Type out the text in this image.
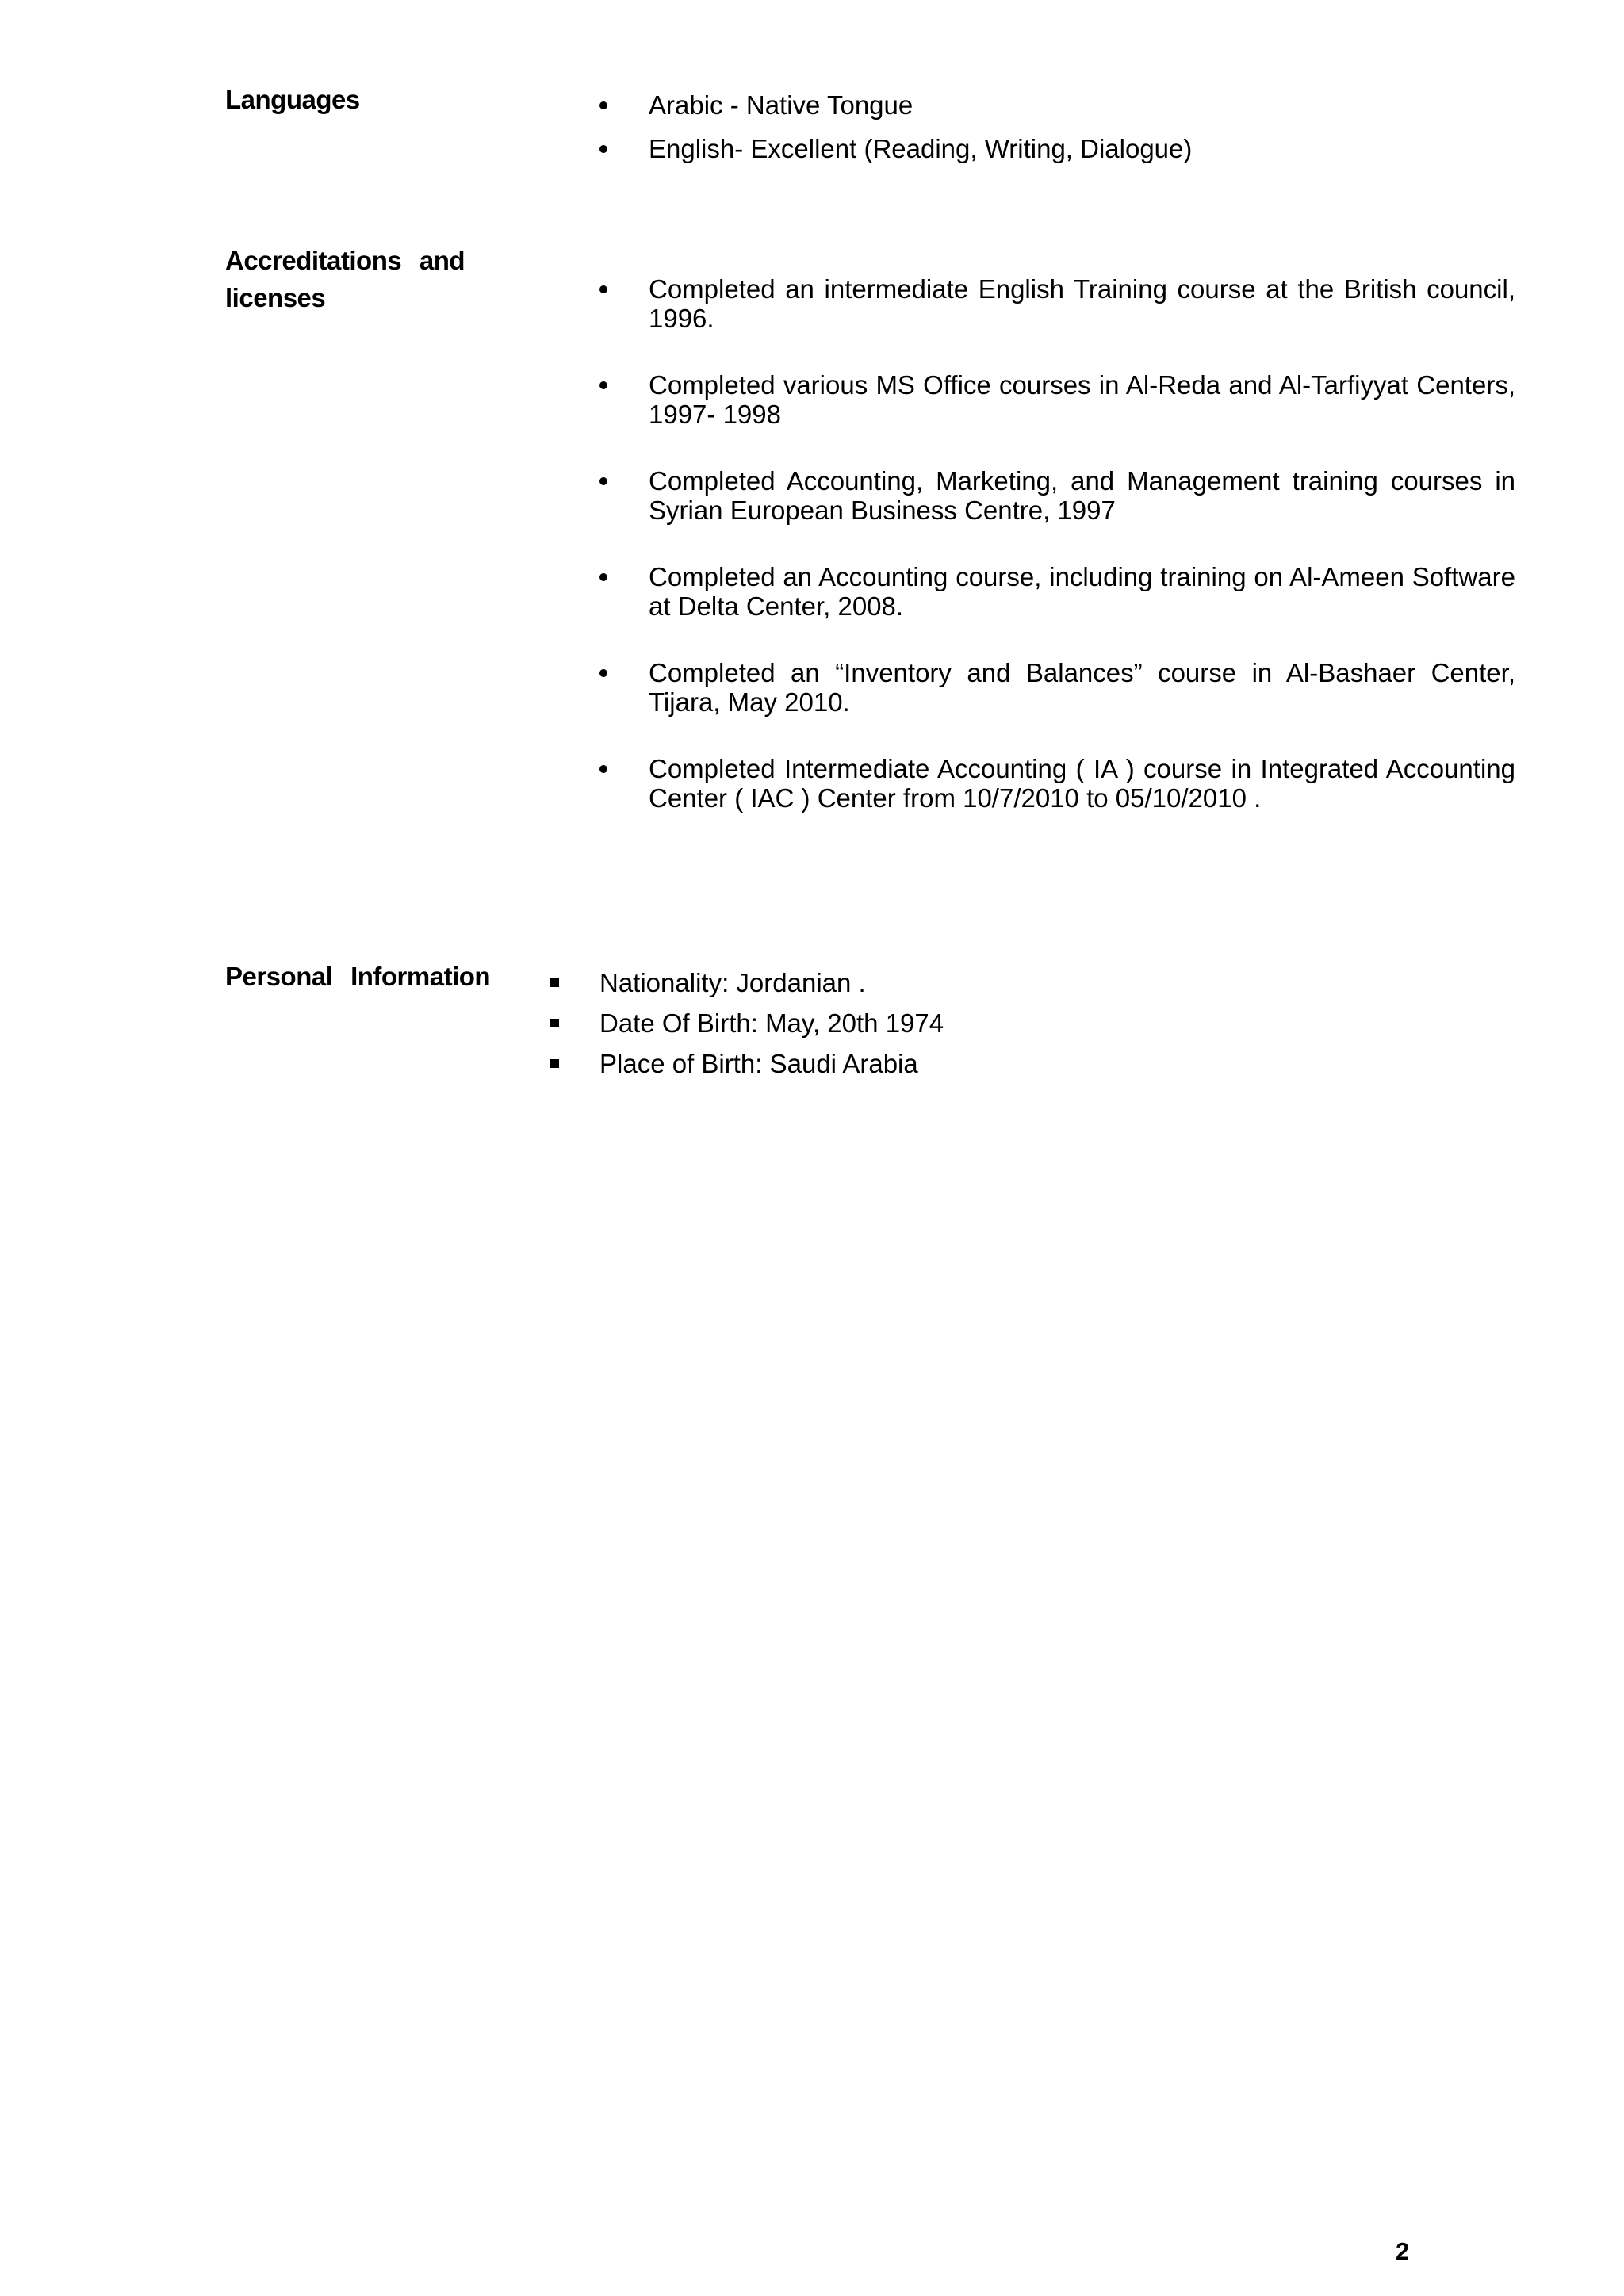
Languages	Arabic - Native Tongue
English- Excellent (Reading, Writing, Dialogue)
Accreditations and licenses	Completed an intermediate English Training course at the British council, 1996.
Completed various MS Office courses in Al-Reda and Al-Tarfiyyat Centers, 1997- 1998
Completed Accounting, Marketing, and Management training courses in Syrian European Business Centre, 1997
Completed an Accounting course, including training on Al-Ameen Software at Delta Center, 2008.
Completed an “Inventory and Balances” course in Al-Bashaer Center, Tijara, May 2010.
Completed Intermediate Accounting ( IA ) course in Integrated Accounting Center ( IAC ) Center from 10/7/2010 to 05/10/2010 .
Personal Information	Nationality: Jordanian .
Date Of Birth: May, 20th 1974
Place of Birth: Saudi Arabia
2
